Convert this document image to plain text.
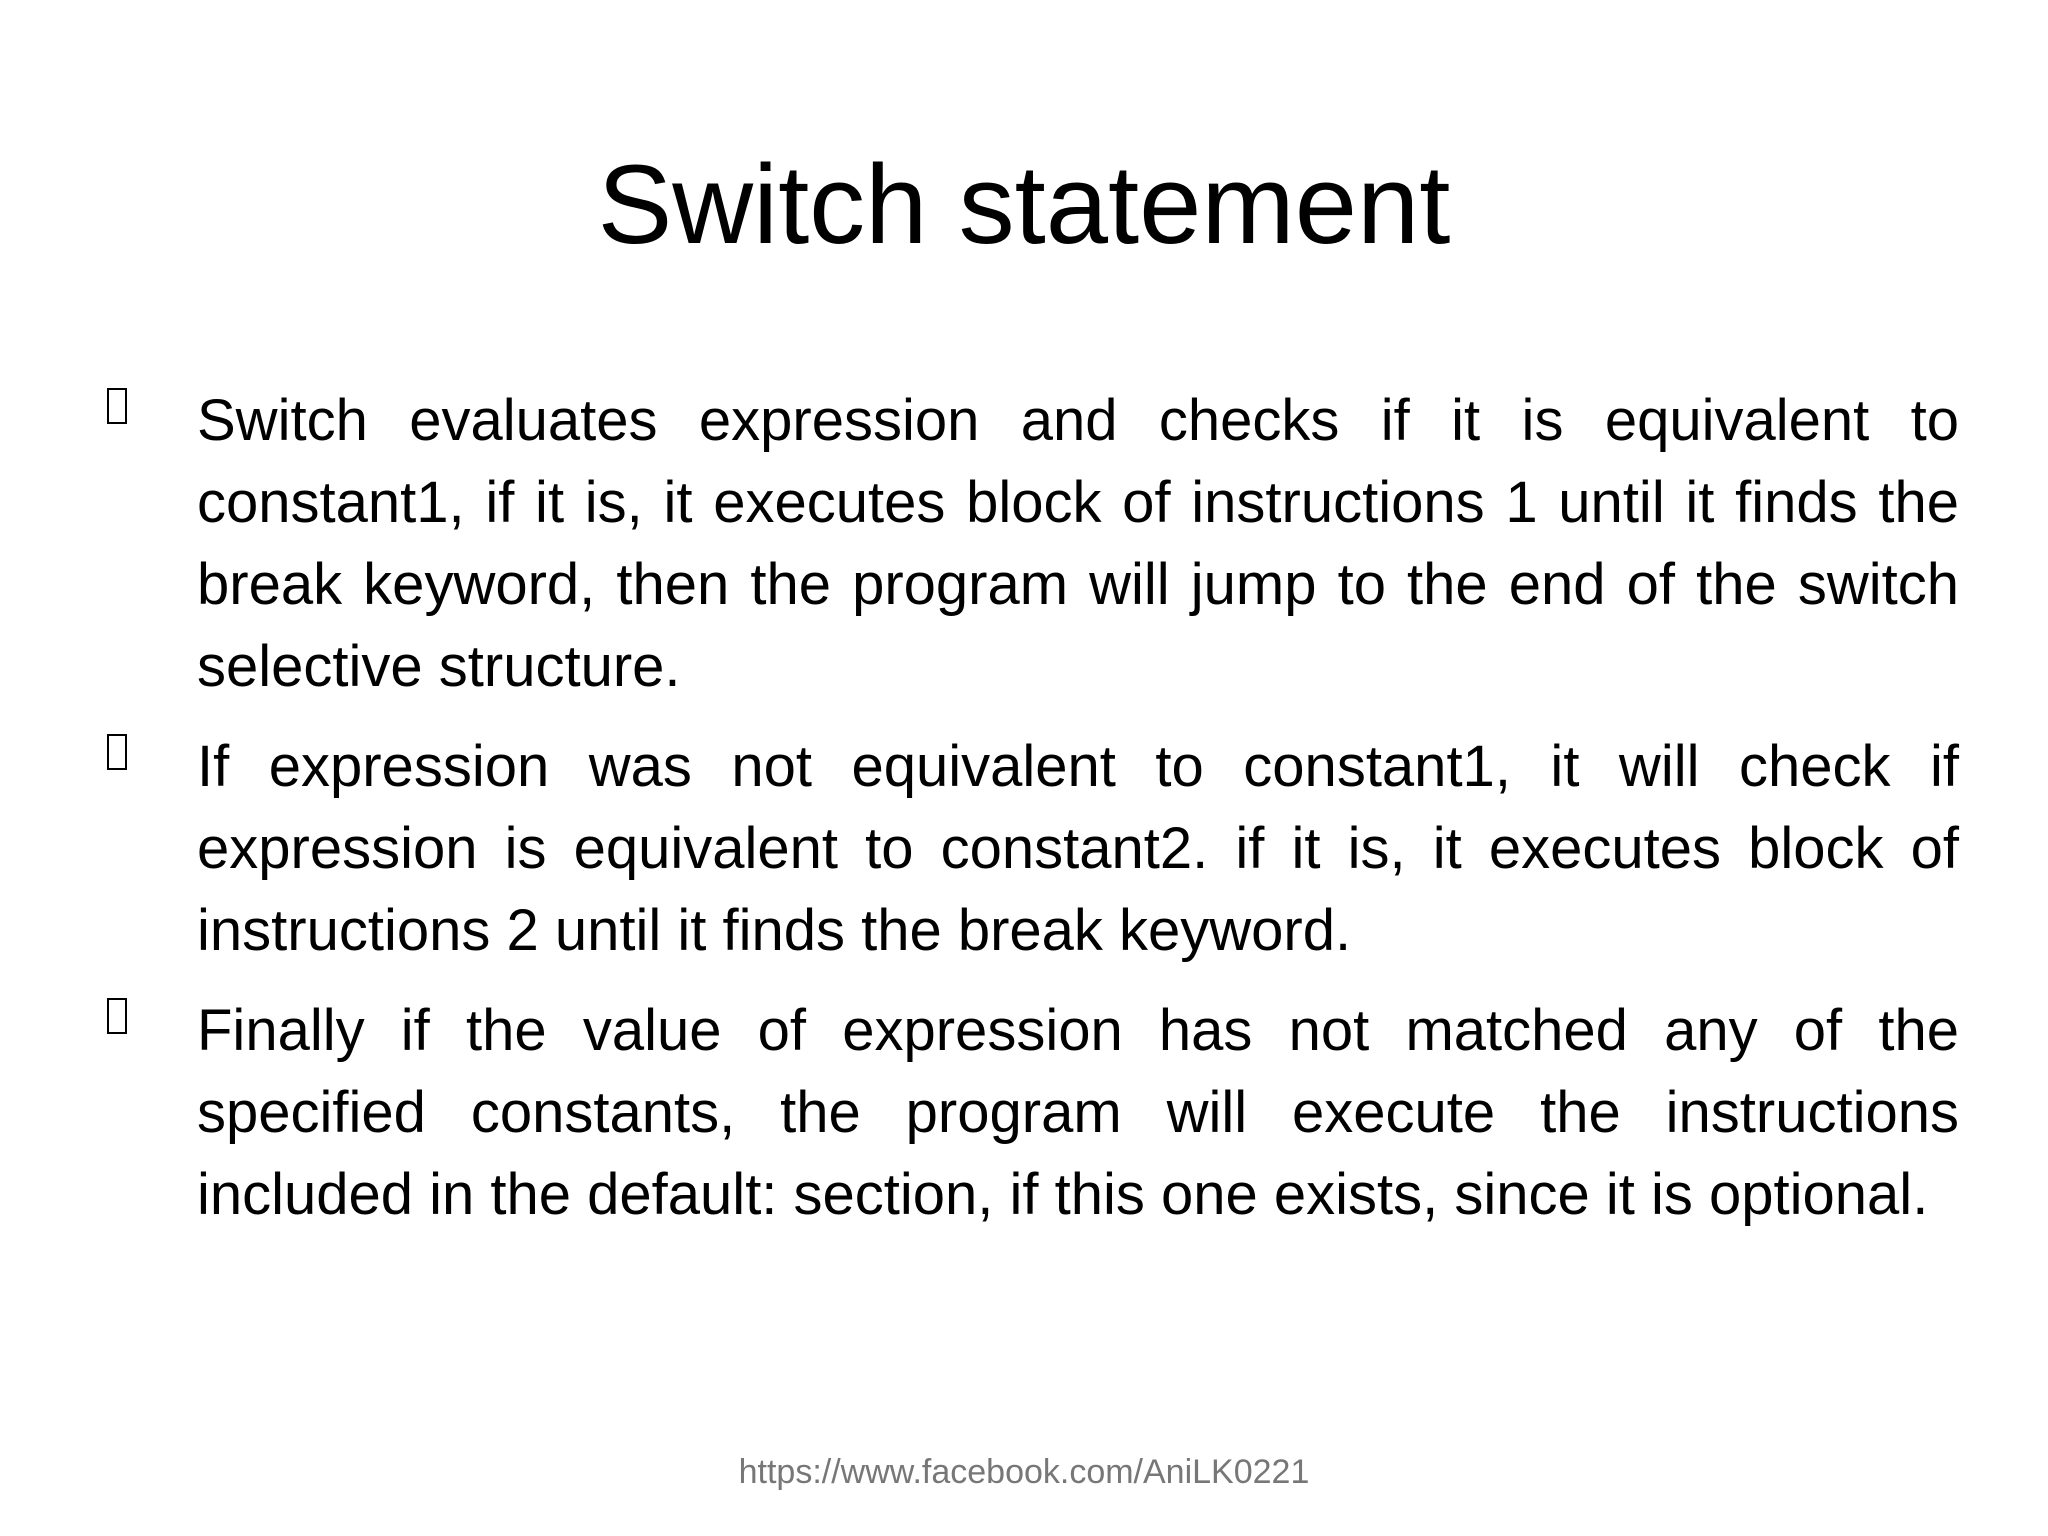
Switch statement
Switch evaluates expression and checks if it is equivalent to constant1, if it is, it executes block of instructions 1 until it finds the break keyword, then the program will jump to the end of the switch selective structure.
If expression was not equivalent to constant1, it will check if expression is equivalent to constant2. if it is, it executes block of instructions 2 until it finds the break keyword.
Finally if the value of expression has not matched any of the specified constants, the program will execute the instructions included in the default: section, if this one exists, since it is optional.
https://www.facebook.com/AniLK0221
